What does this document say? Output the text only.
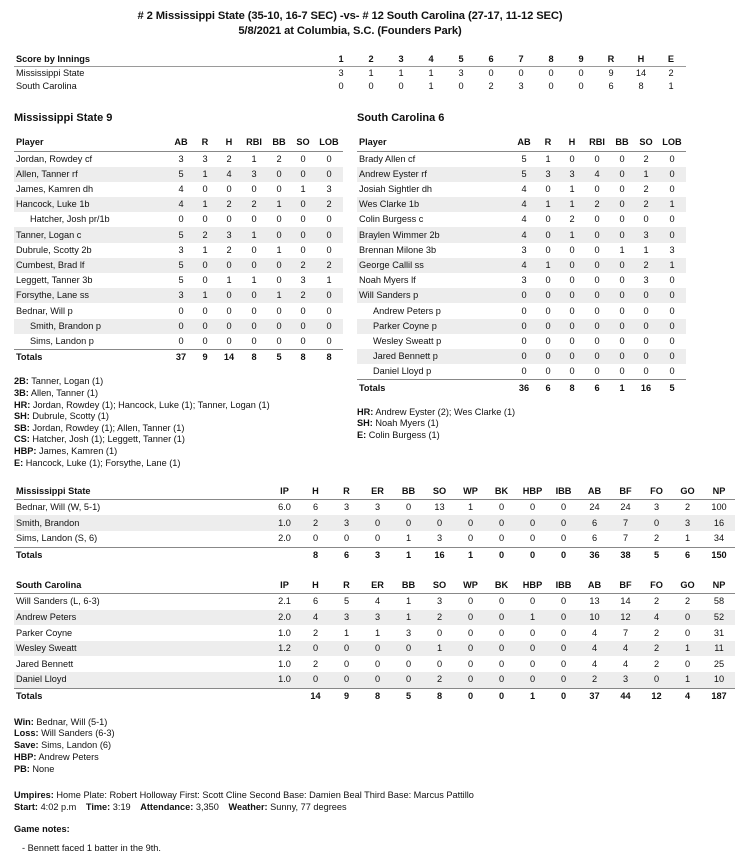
# 2 Mississippi State (35-10, 16-7 SEC) -vs- # 12 South Carolina (27-17, 11-12 SEC)
5/8/2021 at Columbia, S.C. (Founders Park)
Score by Innings	1	2	3	4	5	6	7	8	9	R	H	E
Mississippi State	3	1	1	1	3	0	0	0	0	9	14	2
South Carolina	0	0	0	1	0	2	3	0	0	6	8	1
Mississippi State 9
Player	AB	R	H	RBI	BB	SO	LOB
Jordan, Rowdey cf	3	3	2	1	2	0	0
Allen, Tanner rf	5	1	4	3	0	0	0
James, Kamren dh	4	0	0	0	0	1	3
Hancock, Luke 1b	4	1	2	2	1	0	2
Hatcher, Josh pr/1b	0	0	0	0	0	0	0
Tanner, Logan c	5	2	3	1	0	0	0
Dubrule, Scotty 2b	3	1	2	0	1	0	0
Cumbest, Brad lf	5	0	0	0	0	2	2
Leggett, Tanner 3b	5	0	1	1	0	3	1
Forsythe, Lane ss	3	1	0	0	1	2	0
Bednar, Will p	0	0	0	0	0	0	0
Smith, Brandon p	0	0	0	0	0	0	0
Sims, Landon p	0	0	0	0	0	0	0
Totals	37	9	14	8	5	8	8
2B: Tanner, Logan (1)
3B: Allen, Tanner (1)
HR: Jordan, Rowdey (1); Hancock, Luke (1); Tanner, Logan (1)
SH: Dubrule, Scotty (1)
SB: Jordan, Rowdey (1); Allen, Tanner (1)
CS: Hatcher, Josh (1); Leggett, Tanner (1)
HBP: James, Kamren (1)
E: Hancock, Luke (1); Forsythe, Lane (1)
South Carolina 6
Player	AB	R	H	RBI	BB	SO	LOB
Brady Allen cf	5	1	0	0	0	2	0
Andrew Eyster rf	5	3	3	4	0	1	0
Josiah Sightler dh	4	0	1	0	0	2	0
Wes Clarke 1b	4	1	1	2	0	2	1
Colin Burgess c	4	0	2	0	0	0	0
Braylen Wimmer 2b	4	0	1	0	0	3	0
Brennan Milone 3b	3	0	0	0	1	1	3
George Callil ss	4	1	0	0	0	2	1
Noah Myers lf	3	0	0	0	0	3	0
Will Sanders p	0	0	0	0	0	0	0
Andrew Peters p	0	0	0	0	0	0	0
Parker Coyne p	0	0	0	0	0	0	0
Wesley Sweatt p	0	0	0	0	0	0	0
Jared Bennett p	0	0	0	0	0	0	0
Daniel Lloyd p	0	0	0	0	0	0	0
Totals	36	6	8	6	1	16	5
HR: Andrew Eyster (2); Wes Clarke (1)
SH: Noah Myers (1)
E: Colin Burgess (1)
Mississippi State	IP	H	R	ER	BB	SO	WP	BK	HBP	IBB	AB	BF	FO	GO	NP
Bednar, Will (W, 5-1)	6.0	6	3	3	0	13	1	0	0	0	24	24	3	2	100
Smith, Brandon	1.0	2	3	0	0	0	0	0	0	0	6	7	0	3	16
Sims, Landon (S, 6)	2.0	0	0	0	1	3	0	0	0	0	6	7	2	1	34
Totals		8	6	3	1	16	1	0	0	0	36	38	5	6	150
South Carolina	IP	H	R	ER	BB	SO	WP	BK	HBP	IBB	AB	BF	FO	GO	NP
Will Sanders (L, 6-3)	2.1	6	5	4	1	3	0	0	0	0	13	14	2	2	58
Andrew Peters	2.0	4	3	3	1	2	0	0	1	0	10	12	4	0	52
Parker Coyne	1.0	2	1	1	3	0	0	0	0	0	4	7	2	0	31
Wesley Sweatt	1.2	0	0	0	0	1	0	0	0	0	4	4	2	1	11
Jared Bennett	1.0	2	0	0	0	0	0	0	0	0	4	4	2	0	25
Daniel Lloyd	1.0	0	0	0	0	2	0	0	0	0	2	3	0	1	10
Totals		14	9	8	5	8	0	0	1	0	37	44	12	4	187
Win: Bednar, Will (5-1)
Loss: Will Sanders (6-3)
Save: Sims, Landon (6)
HBP: Andrew Peters
PB: None
Umpires: Home Plate: Robert Holloway First: Scott Cline Second Base: Damien Beal Third Base: Marcus Pattillo
Start: 4:02 p.m Time: 3:19 Attendance: 3,350 Weather: Sunny, 77 degrees
Game notes:
- Bennett faced 1 batter in the 9th.
